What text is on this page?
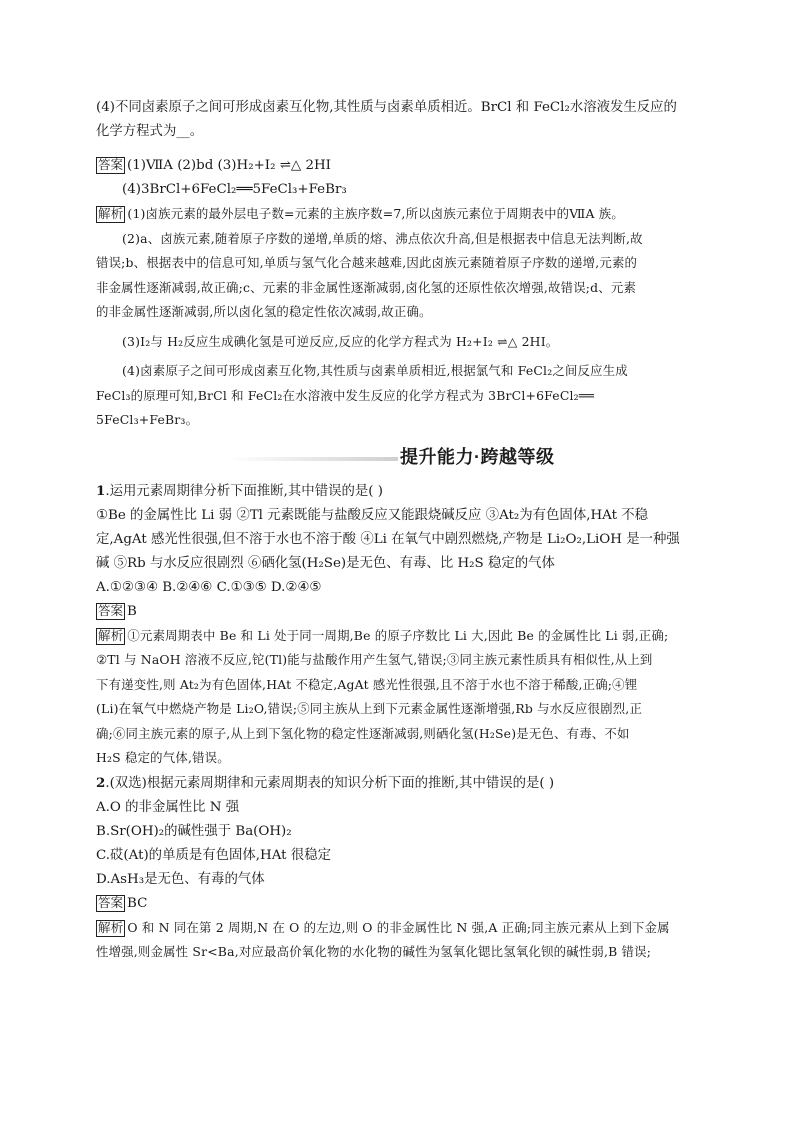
(4)不同卤素原子之间可形成卤素互化物,其性质与卤素单质相近。BrCl 和 FeCl₂水溶液发生反应的
化学方程式为__。
答案 (1)ⅦA (2)bd (3)H₂+I₂ ⇌△ 2HI
(4)3BrCl+6FeCl₂══5FeCl₃+FeBr₃
解析 (1)卤族元素的最外层电子数=元素的主族序数=7,所以卤族元素位于周期表中的ⅦA 族。
(2)a、卤族元素,随着原子序数的递增,单质的熔、沸点依次升高,但是根据表中信息无法判断,故
错误;b、根据表中的信息可知,单质与氢气化合越来越难,因此卤族元素随着原子序数的递增,元素的
非金属性逐渐减弱,故正确;c、元素的非金属性逐渐减弱,卤化氢的还原性依次增强,故错误;d、元素
的非金属性逐渐减弱,所以卤化氢的稳定性依次减弱,故正确。
(3)I₂与 H₂反应生成碘化氢是可逆反应,反应的化学方程式为 H₂+I₂ ⇌△ 2HI。
(4)卤素原子之间可形成卤素互化物,其性质与卤素单质相近,根据氯气和 FeCl₂之间反应生成
FeCl₃的原理可知,BrCl 和 FeCl₂在水溶液中发生反应的化学方程式为 3BrCl+6FeCl₂══
5FeCl₃+FeBr₃。
提升能力·跨越等级
1.运用元素周期律分析下面推断,其中错误的是( )
①Be 的金属性比 Li 弱 ②Tl 元素既能与盐酸反应又能跟烧碱反应 ③At₂为有色固体,HAt 不稳
定,AgAt 感光性很强,但不溶于水也不溶于酸 ④Li 在氧气中剧烈燃烧,产物是 Li₂O₂,LiOH 是一种强
碱 ⑤Rb 与水反应很剧烈 ⑥硒化氢(H₂Se)是无色、有毒、比 H₂S 稳定的气体
A.①②③④ B.②④⑥ C.①③⑤ D.②④⑤
答案 B
解析 ①元素周期表中 Be 和 Li 处于同一周期,Be 的原子序数比 Li 大,因此 Be 的金属性比 Li 弱,正确;
②Tl 与 NaOH 溶液不反应,铊(Tl)能与盐酸作用产生氢气,错误;③同主族元素性质具有相似性,从上到
下有递变性,则 At₂为有色固体,HAt 不稳定,AgAt 感光性很强,且不溶于水也不溶于稀酸,正确;④锂
(Li)在氧气中燃烧产物是 Li₂O,错误;⑤同主族从上到下元素金属性逐渐增强,Rb 与水反应很剧烈,正
确;⑥同主族元素的原子,从上到下氢化物的稳定性逐渐减弱,则硒化氢(H₂Se)是无色、有毒、不如
H₂S 稳定的气体,错误。
2.(双选)根据元素周期律和元素周期表的知识分析下面的推断,其中错误的是( )
A.O 的非金属性比 N 强
B.Sr(OH)₂的碱性强于 Ba(OH)₂
C.砹(At)的单质是有色固体,HAt 很稳定
D.AsH₃是无色、有毒的气体
答案 BC
解析 O 和 N 同在第 2 周期,N 在 O 的左边,则 O 的非金属性比 N 强,A 正确;同主族元素从上到下金属
性增强,则金属性 Sr<Ba,对应最高价氧化物的水化物的碱性为氢氧化锶比氢氧化钡的碱性弱,B 错误;
